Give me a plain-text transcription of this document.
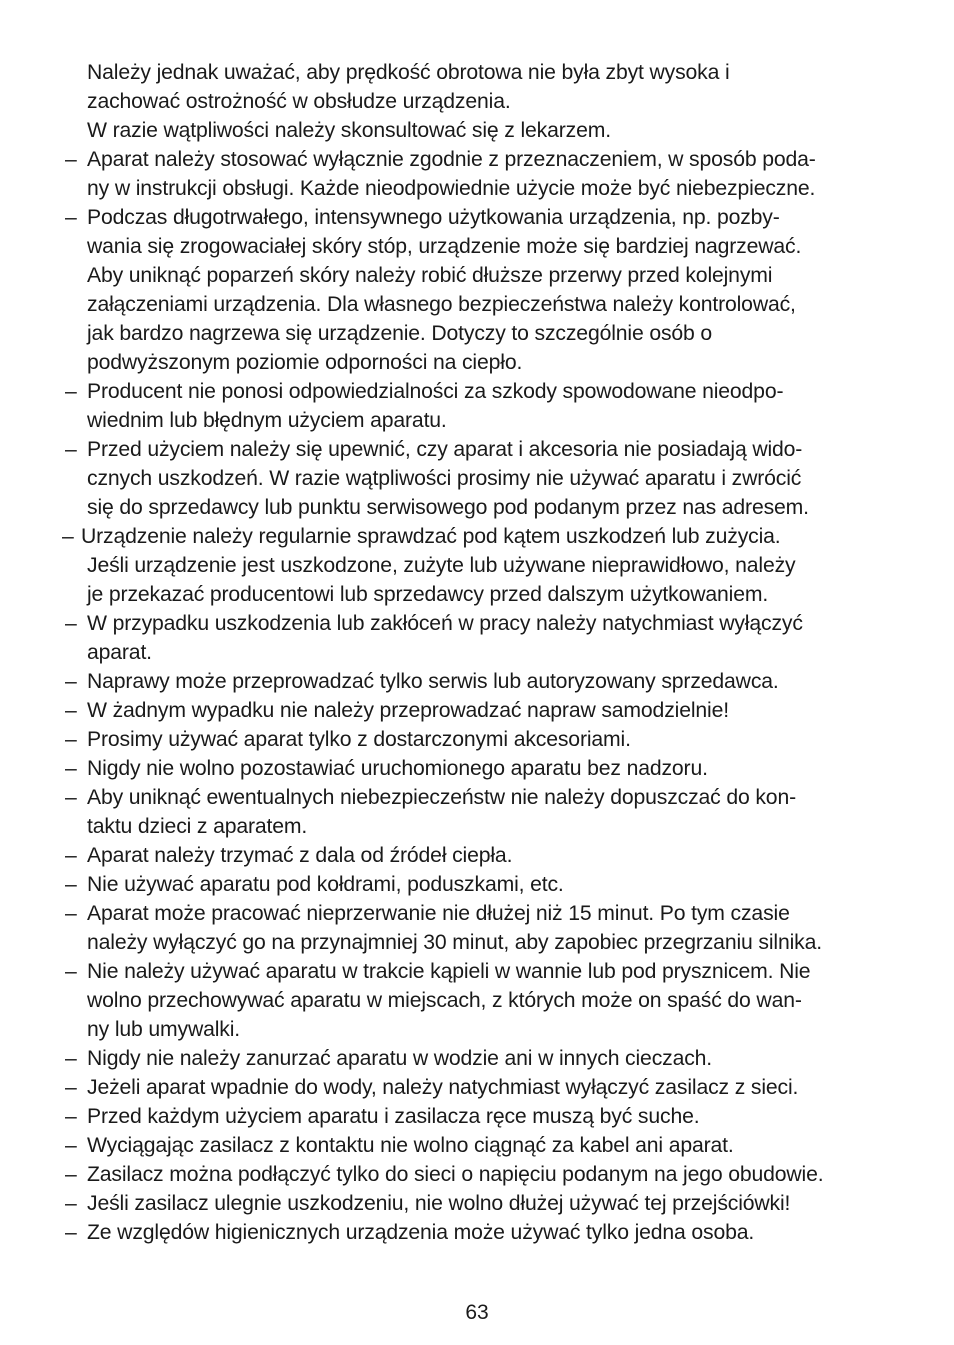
Należy jednak uważać, aby prędkość obrotowa nie była zbyt wysoka i
zachować ostrożność w obsłudze urządzenia.
W razie wątpliwości należy skonsultować się z lekarzem.
– Aparat należy stosować wyłącznie zgodnie z przeznaczeniem, w sposób poda-
ny w instrukcji obsługi. Każde nieodpowiednie użycie może być niebezpieczne.
– Podczas długotrwałego, intensywnego użytkowania urządzenia, np. pozby-
wania się zrogowaciałej skóry stóp, urządzenie może się bardziej nagrzewać.
Aby uniknąć poparzeń skóry należy robić dłuższe przerwy przed kolejnymi
załączeniami urządzenia. Dla własnego bezpieczeństwa należy kontrolować,
jak bardzo nagrzewa się urządzenie. Dotyczy to szczególnie osób o
podwyższonym poziomie odporności na ciepło.
– Producent nie ponosi odpowiedzialności za szkody spowodowane nieodpo-
wiednim lub błędnym użyciem aparatu.
– Przed użyciem należy się upewnić, czy aparat i akcesoria nie posiadają wido-
cznych uszkodzeń. W razie wątpliwości prosimy nie używać aparatu i zwrócić
się do sprzedawcy lub punktu serwisowego pod podanym przez nas adresem.
– Urządzenie należy regularnie sprawdzać pod kątem uszkodzeń lub zużycia.
Jeśli urządzenie jest uszkodzone, zużyte lub używane nieprawidłowo, należy
je przekazać producentowi lub sprzedawcy przed dalszym użytkowaniem.
– W przypadku uszkodzenia lub zakłóceń w pracy należy natychmiast wyłączyć
aparat.
– Naprawy może przeprowadzać tylko serwis lub autoryzowany sprzedawca.
– W żadnym wypadku nie należy przeprowadzać napraw samodzielnie!
– Prosimy używać aparat tylko z dostarczonymi akcesoriami.
– Nigdy nie wolno pozostawiać uruchomionego aparatu bez nadzoru.
– Aby uniknąć ewentualnych niebezpieczeństw nie należy dopuszczać do kon-
taktu dzieci z aparatem.
– Aparat należy trzymać z dala od źródeł ciepła.
– Nie używać aparatu pod kołdrami, poduszkami, etc.
– Aparat może pracować nieprzerwanie nie dłużej niż 15 minut. Po tym czasie
należy wyłączyć go na przynajmniej 30 minut, aby zapobiec przegrzaniu silnika.
– Nie należy używać aparatu w trakcie kąpieli w wannie lub pod prysznicem. Nie
wolno przechowywać aparatu w miejscach, z których może on spaść do wan-
ny lub umywalki.
– Nigdy nie należy zanurzać aparatu w wodzie ani w innych cieczach.
– Jeżeli aparat wpadnie do wody, należy natychmiast wyłączyć zasilacz z sieci.
– Przed każdym użyciem aparatu i zasilacza ręce muszą być suche.
– Wyciągając zasilacz z kontaktu nie wolno ciągnąć za kabel ani aparat.
– Zasilacz można podłączyć tylko do sieci o napięciu podanym na jego obudowie.
– Jeśli zasilacz ulegnie uszkodzeniu, nie wolno dłużej używać tej przejściówki!
– Ze względów higienicznych urządzenia może używać tylko jedna osoba.
63
